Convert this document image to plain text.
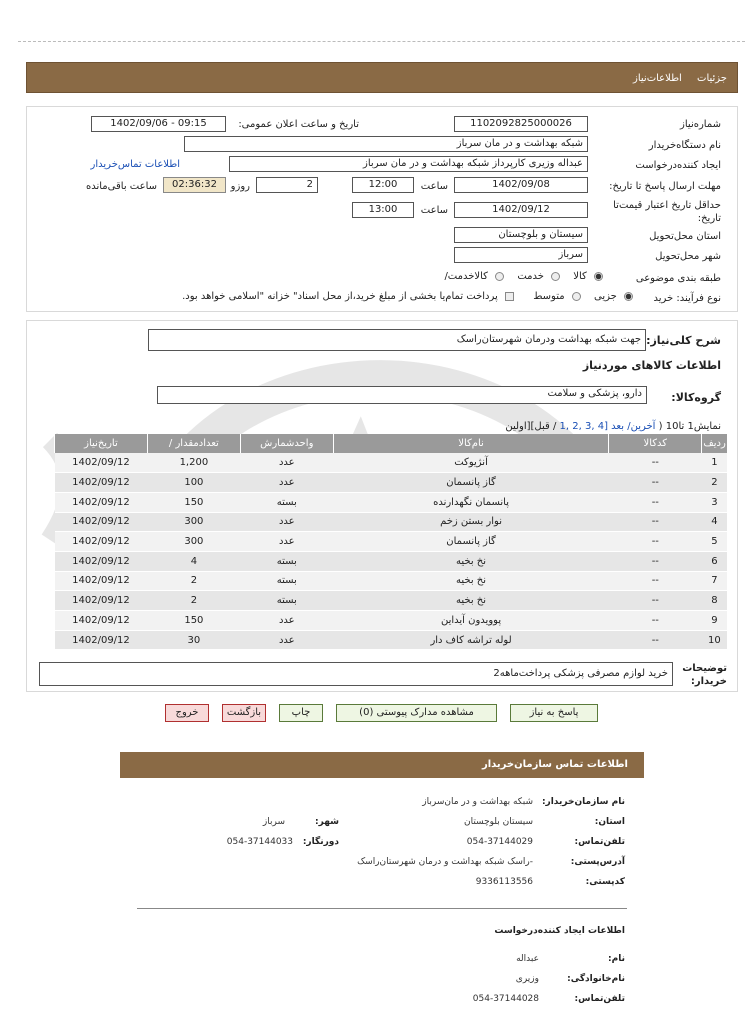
جزئیات اطلاعات‌نیاز
شماره‌نیاز
1102092825000026
تاریخ و ساعت اعلان عمومی:
1402/09/06 - 09:15
نام دستگاه‌خریدار
شبکه بهداشت و در مان سرباز
ایجاد کننده‌درخواست
عبداله وزیری کارپرداز شبکه بهداشت و در مان سرباز
اطلاعات تماس‌خریدار
مهلت ارسال پاسخ تا تاریخ:
1402/09/08
ساعت
12:00
2
روزو
02:36:32
ساعت باقی‌مانده
حداقل تاریخ اعتبار قیمت‌تا تاریخ:
1402/09/12
ساعت
13:00
استان محل‌تحویل
سیستان و بلوچستان
شهر محل‌تحویل
سرباز
طبقه بندی موضوعی
کالا  خدمت  کالاخدمت/
نوع فرآیند: خرید
جزیی  متوسط  پرداخت تمام‌یا بخشی از مبلغ خرید،از محل اسناد" خزانه "اسلامی خواهد بود.
شرح کلی‌نیاز:
جهت شبکه بهداشت ودرمان شهرستان‌راسک
اطلاعات کالاهای موردنیاز
گروه‌کالا:
دارو، پزشکی و سلامت
نمایش1 تا10 ( آخرین/ بعد [4 ,3 ,2 ,1 / قبل][اولین
ردیف	کدکالا	نام‌کالا	واحدشمارش	تعدادمقدار /	تاریخ‌نیاز
1	--	آنژیوکت	عدد	1,200	1402/09/12
2	--	گاز پانسمان	عدد	100	1402/09/12
3	--	پانسمان نگهدارنده	بسته	150	1402/09/12
4	--	نوار بستن زخم	عدد	300	1402/09/12
5	--	گاز پانسمان	عدد	300	1402/09/12
6	--	نخ بخیه	بسته	4	1402/09/12
7	--	نخ بخیه	بسته	2	1402/09/12
8	--	نخ بخیه	بسته	2	1402/09/12
9	--	پوویدون آیداین	عدد	150	1402/09/12
10	--	لوله تراشه کاف دار	عدد	30	1402/09/12
توضیحات خریدار:
خرید لوازم مصرفی پزشکی پرداخت‌ماهه2
پاسخ به نیاز
مشاهده مدارک پیوستی (0)
چاپ
بازگشت
خروج
اطلاعات تماس سازمان‌خریدار
نام سازمان‌خریدار:
شبکه بهداشت و در مان‌سرباز
استان:
سیستان بلوچستان
شهر:
سرباز
تلفن‌تماس:
054-37144029
دورنگار:
054-37144033
آدرس‌پستی:
-راسک شبکه بهداشت و درمان شهرستان‌راسک
کدپستی:
9336113556
اطلاعات ایجاد کننده‌درخواست
نام:
عبداله
نام‌خانوادگی:
وزیری
تلفن‌تماس:
054-37144028
